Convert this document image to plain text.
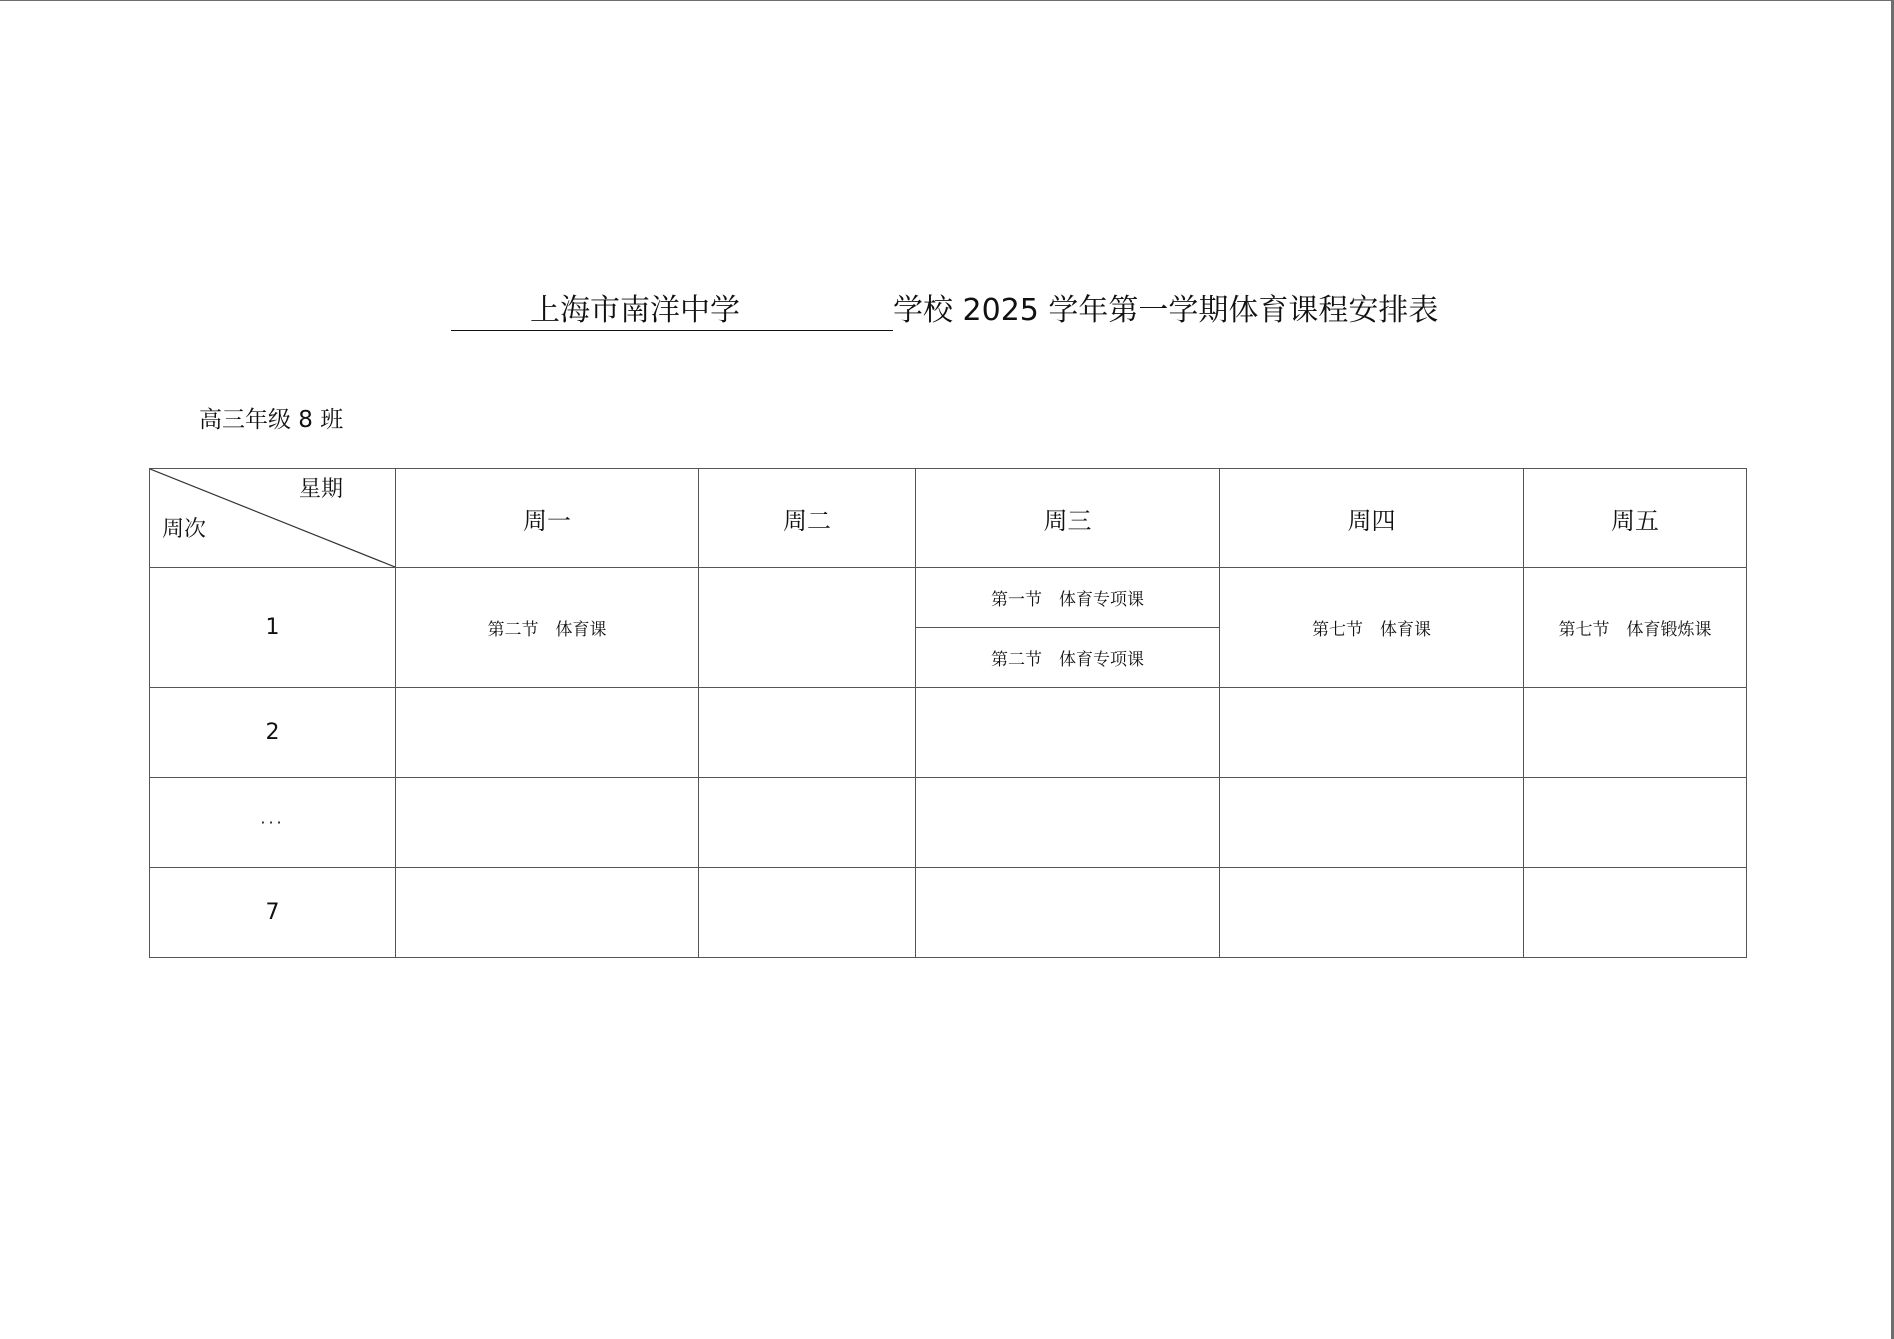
上海市南洋中学	学校 2025 学年第一学期体育课程安排表
高三年级 8 班
星期
周次	周一	周二	周三	周四	周五
1	第二节　体育课		第一节　体育专项课	第七节　体育课	第七节　体育锻炼课
			第二节　体育专项课		
2					
···					
7					
